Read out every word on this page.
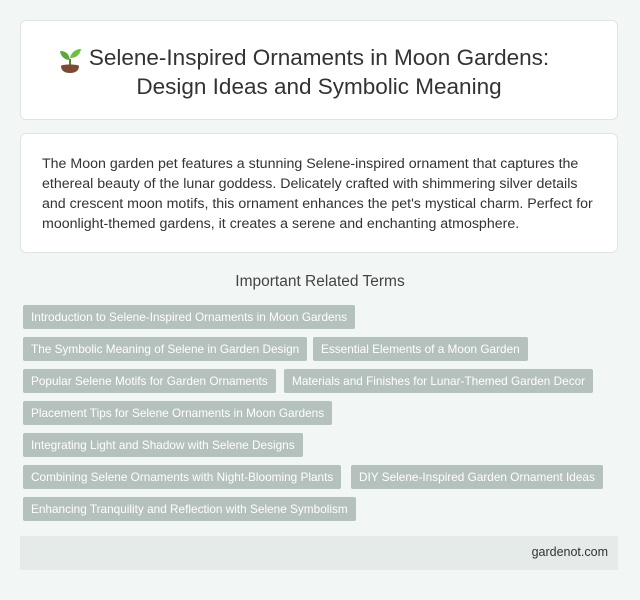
Selene-Inspired Ornaments in Moon Gardens:
Design Ideas and Symbolic Meaning

The Moon garden pet features a stunning Selene-inspired ornament that captures the ethereal beauty of the lunar goddess. Delicately crafted with shimmering silver details and crescent moon motifs, this ornament enhances the pet's mystical charm. Perfect for moonlight-themed gardens, it creates a serene and enchanting atmosphere.

Important Related Terms
Introduction to Selene-Inspired Ornaments in Moon Gardens
The Symbolic Meaning of Selene in Garden Design	Essential Elements of a Moon Garden
Popular Selene Motifs for Garden Ornaments	Materials and Finishes for Lunar-Themed Garden Decor
Placement Tips for Selene Ornaments in Moon Gardens
Integrating Light and Shadow with Selene Designs
Combining Selene Ornaments with Night-Blooming Plants	DIY Selene-Inspired Garden Ornament Ideas
Enhancing Tranquility and Reflection with Selene Symbolism
gardenot.com
